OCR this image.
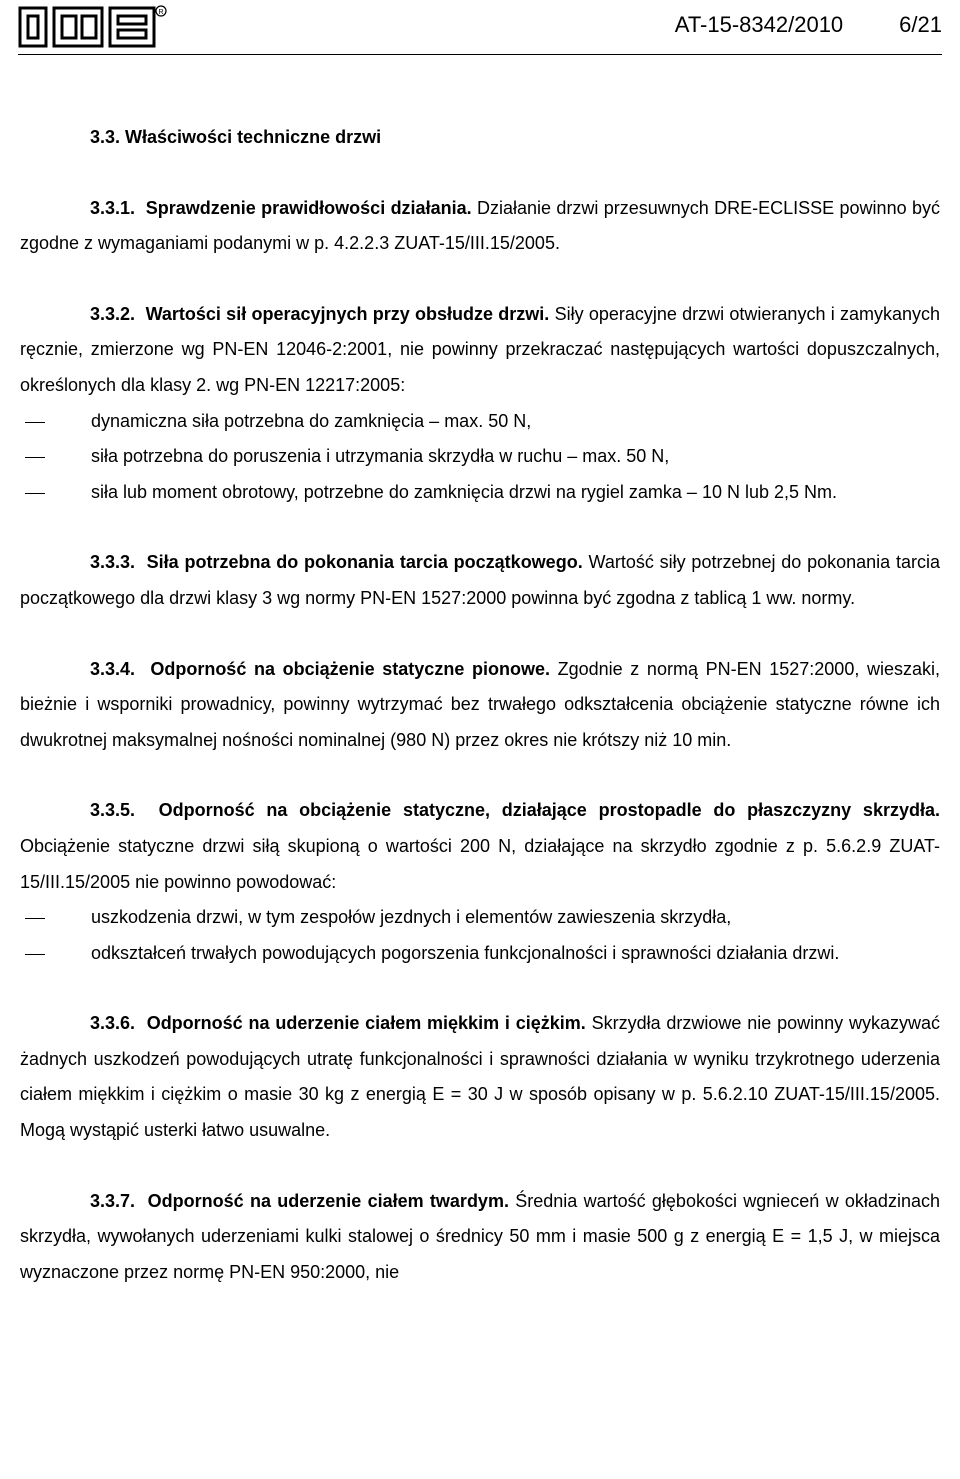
R	AT-15-8342/2010	6/21

3.3. Właściwości techniczne drzwi

3.3.1. Sprawdzenie prawidłowości działania. Działanie drzwi przesuwnych DRE-ECLISSE powinno być zgodne z wymaganiami podanymi w p. 4.2.2.3 ZUAT-15/III.15/2005.

3.3.2. Wartości sił operacyjnych przy obsłudze drzwi. Siły operacyjne drzwi otwieranych i zamykanych ręcznie, zmierzone wg PN-EN 12046-2:2001, nie powinny przekraczać następujących wartości dopuszczalnych, określonych dla klasy 2. wg PN-EN 12217:2005:

dynamiczna siła potrzebna do zamknięcia – max. 50 N,
siła potrzebna do poruszenia i utrzymania skrzydła w ruchu – max. 50 N,
siła lub moment obrotowy, potrzebne do zamknięcia drzwi na rygiel zamka – 10 N lub 2,5 Nm.

3.3.3. Siła potrzebna do pokonania tarcia początkowego. Wartość siły potrzebnej do pokonania tarcia początkowego dla drzwi klasy 3 wg normy PN-EN 1527:2000 powinna być zgodna z tablicą 1 ww. normy.

3.3.4. Odporność na obciążenie statyczne pionowe. Zgodnie z normą PN-EN 1527:2000, wieszaki, bieżnie i wsporniki prowadnicy, powinny wytrzymać bez trwałego odkształcenia obciążenie statyczne równe ich dwukrotnej maksymalnej nośności nominalnej (980 N) przez okres nie krótszy niż 10 min.

3.3.5. Odporność na obciążenie statyczne, działające prostopadle do płaszczyzny skrzydła. Obciążenie statyczne drzwi siłą skupioną o wartości 200 N, działające na skrzydło zgodnie z p. 5.6.2.9 ZUAT-15/III.15/2005 nie powinno powodować:

uszkodzenia drzwi, w tym zespołów jezdnych i elementów zawieszenia skrzydła,
odkształceń trwałych powodujących pogorszenia funkcjonalności i sprawności działania drzwi.

3.3.6. Odporność na uderzenie ciałem miękkim i ciężkim. Skrzydła drzwiowe nie powinny wykazywać żadnych uszkodzeń powodujących utratę funkcjonalności i sprawności działania w wyniku trzykrotnego uderzenia ciałem miękkim i ciężkim o masie 30 kg z energią E = 30 J w sposób opisany w p. 5.6.2.10 ZUAT-15/III.15/2005. Mogą wystąpić usterki łatwo usuwalne.

3.3.7. Odporność na uderzenie ciałem twardym. Średnia wartość głębokości wgnieceń w okładzinach skrzydła, wywołanych uderzeniami kulki stalowej o średnicy 50 mm i masie 500 g z energią E = 1,5 J, w miejsca wyznaczone przez normę PN-EN 950:2000, nie
